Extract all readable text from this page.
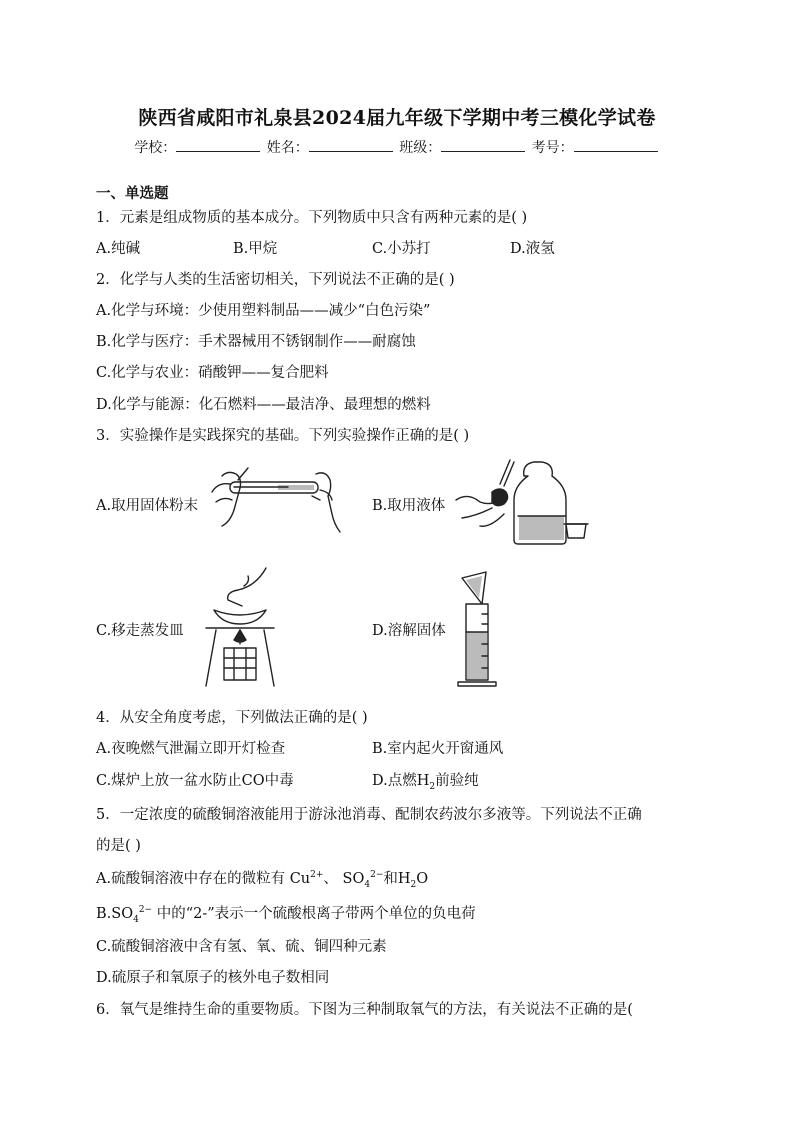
陕西省咸阳市礼泉县2024届九年级下学期中考三模化学试卷
学校：	姓名：	班级：	考号：
一、单选题
1．元素是组成物质的基本成分。下列物质中只含有两种元素的是( )
A.纯碱	B.甲烷	C.小苏打	D.液氢
2．化学与人类的生活密切相关，下列说法不正确的是( )
A.化学与环境：少使用塑料制品——减少“白色污染”
B.化学与医疗：手术器械用不锈钢制作——耐腐蚀
C.化学与农业：硝酸钾——复合肥料
D.化学与能源：化石燃料——最洁净、最理想的燃料
3．实验操作是实践探究的基础。下列实验操作正确的是( )
A.取用固体粉末	B.取用液体
C.移走蒸发皿	D.溶解固体
4．从安全角度考虑，下列做法正确的是( )
A.夜晚燃气泄漏立即开灯检查	B.室内起火开窗通风
C.煤炉上放一盆水防止CO中毒	D.点燃$H_2$前验纯
5．一定浓度的硫酸铜溶液能用于游泳池消毒、配制农药波尔多液等。下列说法不正确
的是( )
A.硫酸铜溶液中存在的微粒有 $Cu^{2+}$、 $SO_4^{2-}$和$H_2O$
$B.SO_4^{2-}$ 中的“2-”表示一个硫酸根离子带两个单位的负电荷
C.硫酸铜溶液中含有氢、氧、硫、铜四种元素
D.硫原子和氧原子的核外电子数相同
6．氧气是维持生命的重要物质。下图为三种制取氧气的方法，有关说法不正确的是(
